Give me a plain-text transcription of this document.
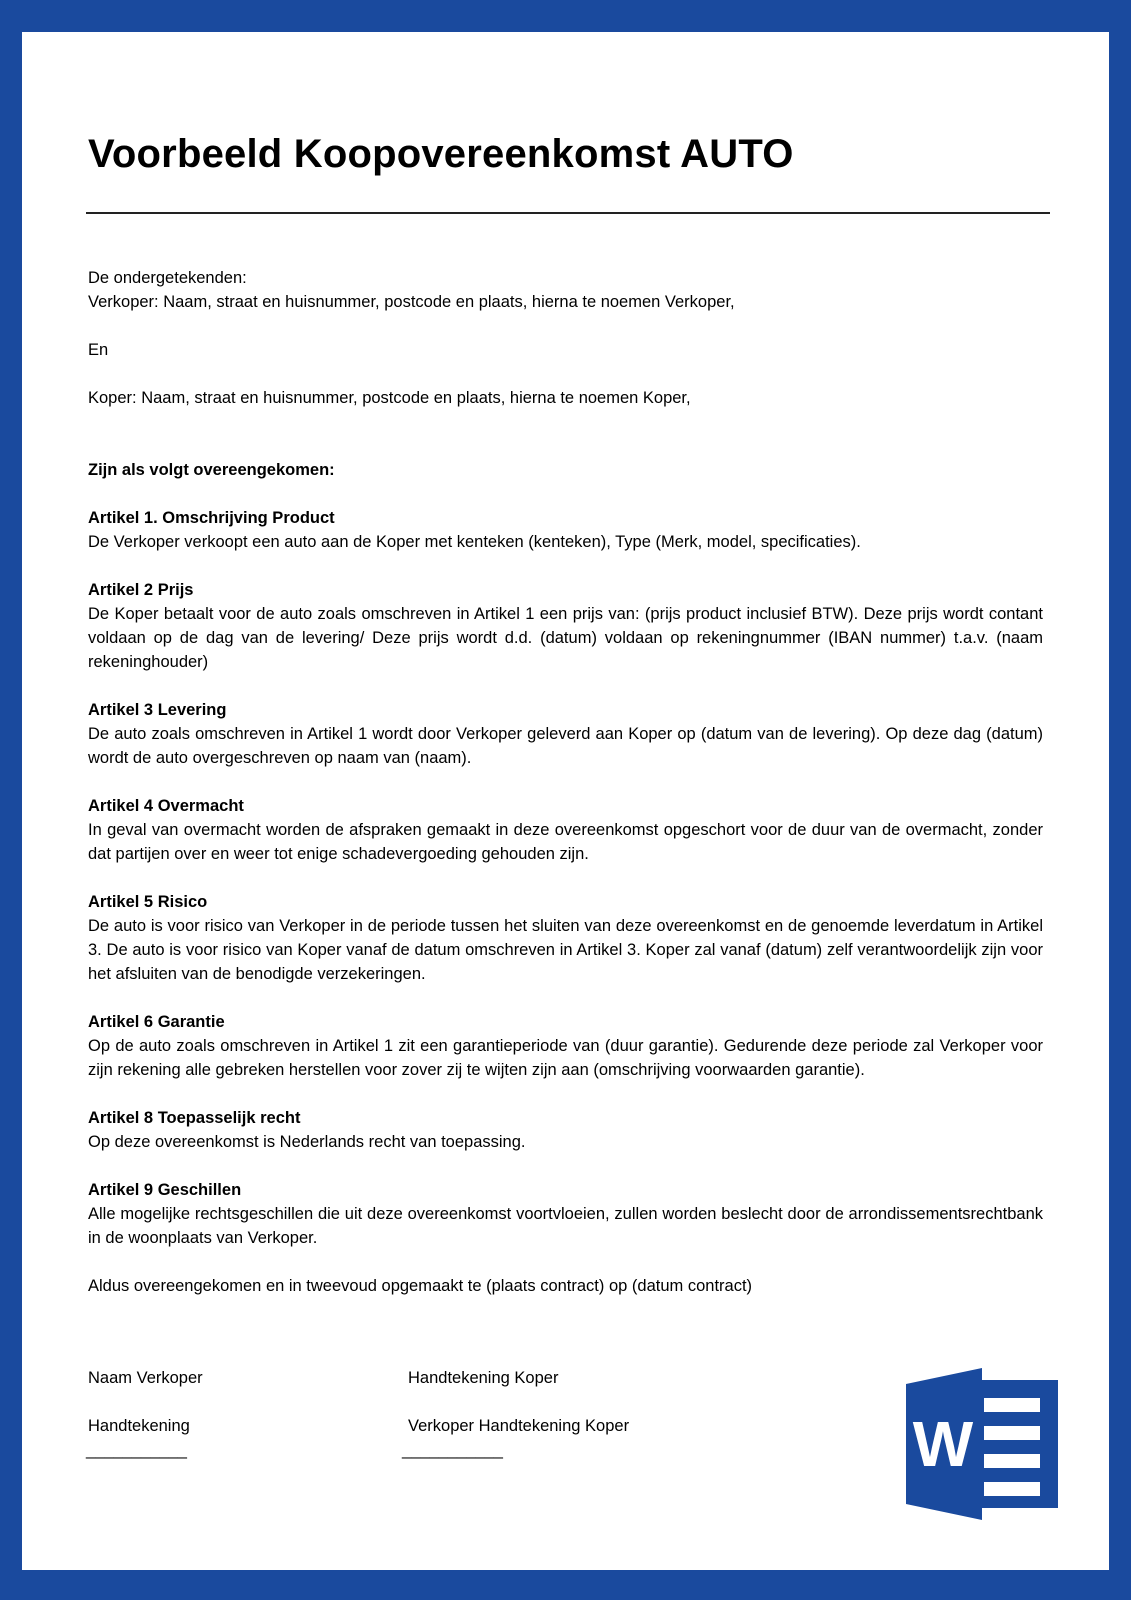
Voorbeeld Koopovereenkomst AUTO

De ondergetekenden:

Verkoper: Naam, straat en huisnummer, postcode en plaats, hierna te noemen Verkoper,

En

Koper: Naam, straat en huisnummer, postcode en plaats, hierna te noemen Koper,

Zijn als volgt overeengekomen:

Artikel 1. Omschrijving Product

De Verkoper verkoopt een auto aan de Koper met kenteken (kenteken), Type (Merk, model, specificaties).

Artikel 2 Prijs

De Koper betaalt voor de auto zoals omschreven in Artikel 1 een prijs van: (prijs product inclusief BTW). Deze prijs wordt contant voldaan op de dag van de levering/ Deze prijs wordt d.d. (datum) voldaan op rekeningnummer (IBAN nummer) t.a.v. (naam rekeninghouder)

Artikel 3 Levering

De auto zoals omschreven in Artikel 1 wordt door Verkoper geleverd aan Koper op (datum van de levering). Op deze dag (datum) wordt de auto overgeschreven op naam van (naam).

Artikel 4 Overmacht

In geval van overmacht worden de afspraken gemaakt in deze overeenkomst opgeschort voor de duur van de overmacht, zonder dat partijen over en weer tot enige schadevergoeding gehouden zijn.

Artikel 5 Risico

De auto is voor risico van Verkoper in de periode tussen het sluiten van deze overeenkomst en de genoemde leverdatum in Artikel 3. De auto is voor risico van Koper vanaf de datum omschreven in Artikel 3. Koper zal vanaf (datum) zelf verantwoordelijk zijn voor het afsluiten van de benodigde verzekeringen.

Artikel 6 Garantie

Op de auto zoals omschreven in Artikel 1 zit een garantieperiode van (duur garantie). Gedurende deze periode zal Verkoper voor zijn rekening alle gebreken herstellen voor zover zij te wijten zijn aan (omschrijving voorwaarden garantie).

Artikel 8 Toepasselijk recht

Op deze overeenkomst is Nederlands recht van toepassing.

Artikel 9 Geschillen

Alle mogelijke rechtsgeschillen die uit deze overeenkomst voortvloeien, zullen worden beslecht door de arrondissementsrechtbank in de woonplaats van Verkoper.

Aldus overeengekomen en in tweevoud opgemaakt te (plaats contract) op (datum contract)

Naam Verkoper
Handtekening
___________
Handtekening Koper
Verkoper Handtekening Koper
___________	W
